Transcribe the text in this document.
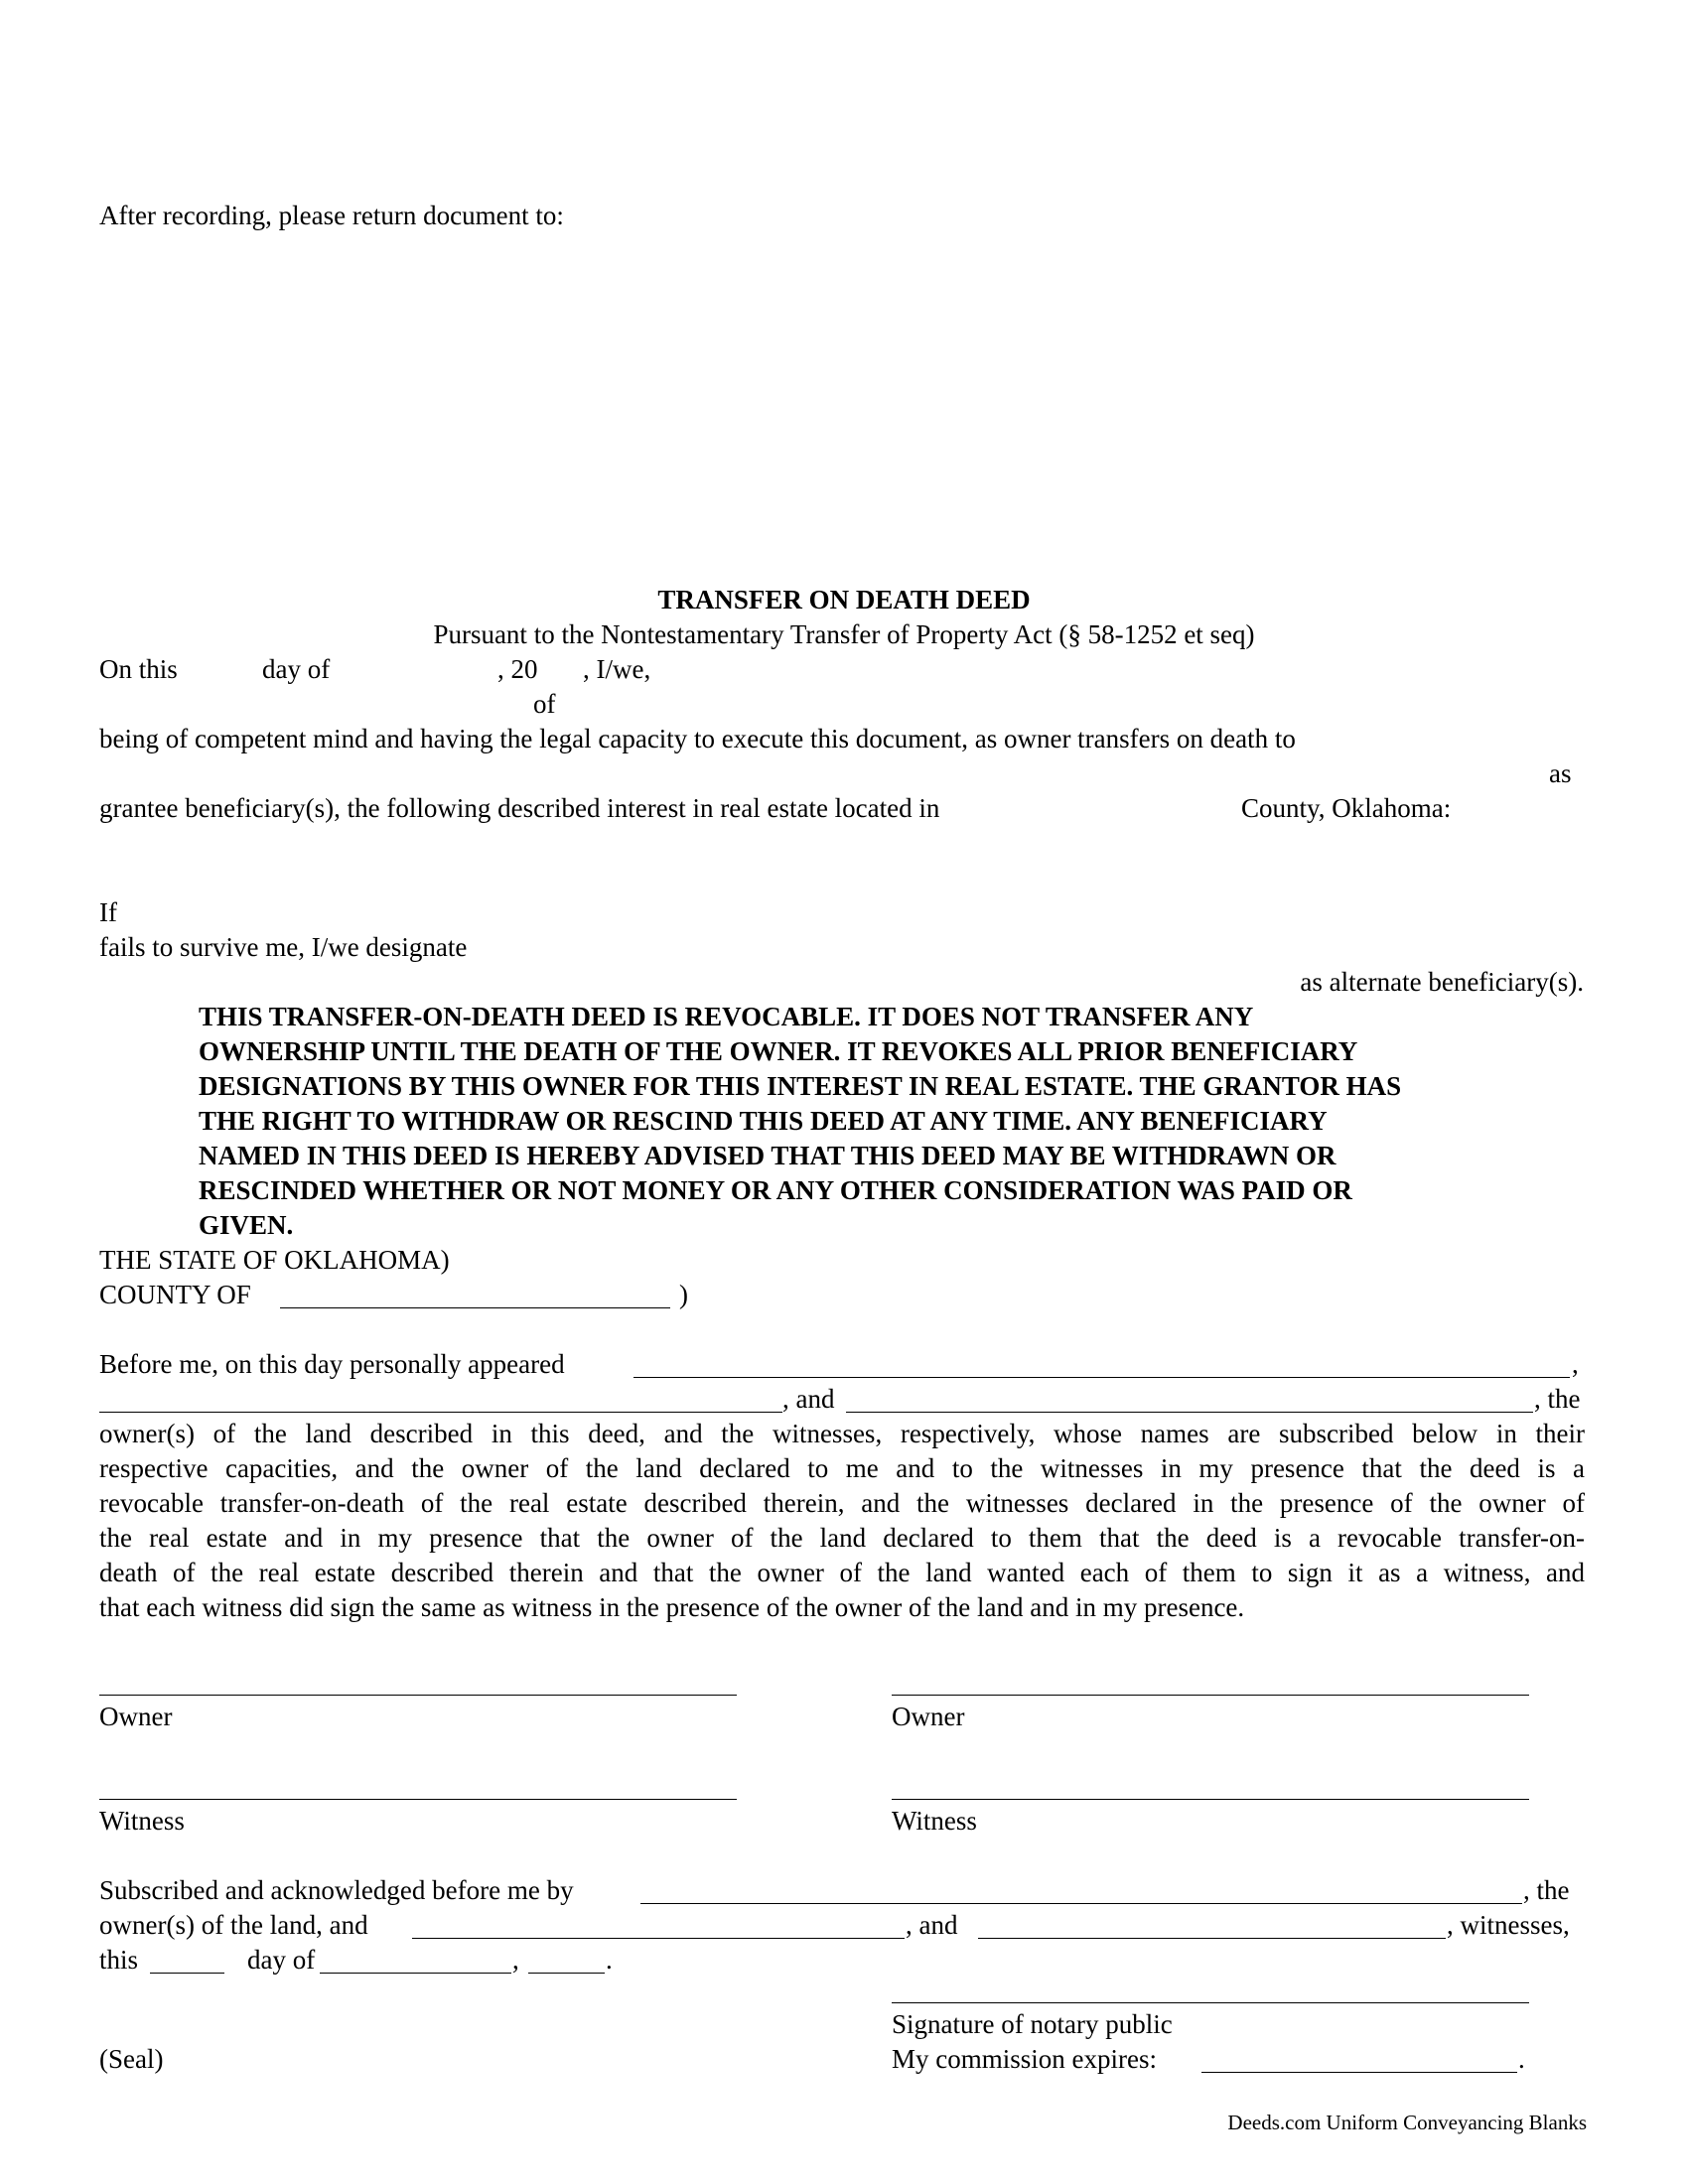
After recording, please return document to:
TRANSFER ON DEATH DEED
Pursuant to the Nontestamentary Transfer of Property Act (§ 58-1252 et seq)
On this	day of	, 20 , I/we,
of
being of competent mind and having the legal capacity to execute this document, as owner transfers on death to
as
grantee beneficiary(s), the following described interest in real estate located in	County, Oklahoma:
If
fails to survive me, I/we designate
as alternate beneficiary(s).
THIS TRANSFER-ON-DEATH DEED IS REVOCABLE. IT DOES NOT TRANSFER ANY
OWNERSHIP UNTIL THE DEATH OF THE OWNER. IT REVOKES ALL PRIOR BENEFICIARY
DESIGNATIONS BY THIS OWNER FOR THIS INTEREST IN REAL ESTATE. THE GRANTOR HAS
THE RIGHT TO WITHDRAW OR RESCIND THIS DEED AT ANY TIME. ANY BENEFICIARY
NAMED IN THIS DEED IS HEREBY ADVISED THAT THIS DEED MAY BE WITHDRAWN OR
RESCINDED WHETHER OR NOT MONEY OR ANY OTHER CONSIDERATION WAS PAID OR
GIVEN.
THE STATE OF OKLAHOMA)
COUNTY OF	)
Before me, on this day personally appeared	,
, and	, the
owner(s) of the land described in this deed, and the witnesses, respectively, whose names are subscribed below in their
respective capacities, and the owner of the land declared to me and to the witnesses in my presence that the deed is a
revocable transfer-on-death of the real estate described therein, and the witnesses declared in the presence of the owner of
the real estate and in my presence that the owner of the land declared to them that the deed is a revocable transfer-on-
death of the real estate described therein and that the owner of the land wanted each of them to sign it as a witness, and
that each witness did sign the same as witness in the presence of the owner of the land and in my presence.
Owner	Owner
Witness	Witness
Subscribed and acknowledged before me by	, the
owner(s) of the land, and	, and	, witnesses,
this	day of	,	.
Signature of notary public
My commission expires:	.
(Seal)
Deeds.com Uniform Conveyancing Blanks
